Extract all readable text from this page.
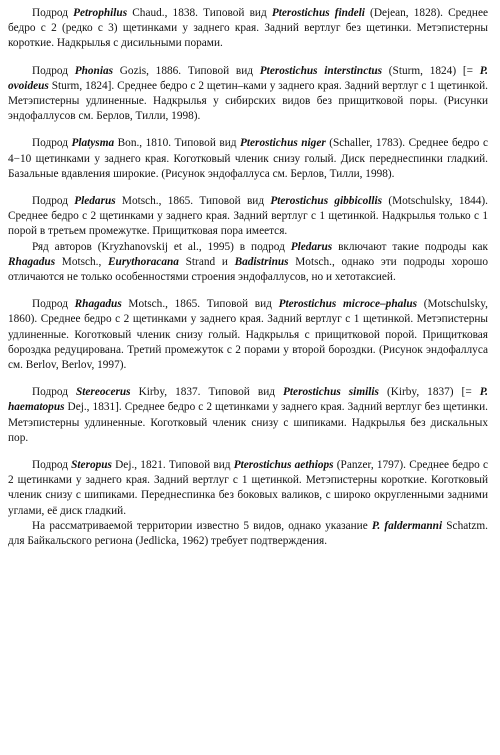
Подрод Petrophilus Chaud., 1838. Типовой вид Pterostichus findeli (Dejean, 1828). Среднее бедро с 2 (редко с 3) щетинками у заднего края. Задний вертлуг без щетинки. Метэпистерны короткие. Надкрылья с дисильными порами.

Подрод Phonias Gozis, 1886. Типовой вид Pterostichus interstinctus (Sturm, 1824) [= P. ovoideus Sturm, 1824]. Среднее бедро с 2 щетин–ками у заднего края. Задний вертлуг с 1 щетинкой. Метэпистерны удлиненные. Надкрылья у сибирских видов без прищитковой поры. (Рисунки эндофаллусов см. Берлов, Тилли, 1998).

Подрод Platysma Bon., 1810. Типовой вид Pterostichus niger (Schaller, 1783). Среднее бедро с 4−10 щетинками у заднего края. Коготковый членик снизу голый. Диск переднеспинки гладкий. Базальные вдавления широкие. (Рисунок эндофаллуса см. Берлов, Тилли, 1998).

Подрод Pledarus Motsch., 1865. Типовой вид Pterostichus gibbicollis (Motschulsky, 1844). Среднее бедро с 2 щетинками у заднего края. Задний вертлуг с 1 щетинкой. Надкрылья только с 1 порой в третьем промежутке. Прищитковая пора имеется.

Ряд авторов (Kryzhanovskij et al., 1995) в подрод Pledarus включают такие подроды как Rhagadus Motsch., Eurythoracana Strand и Badistrinus Motsch., однако эти подроды хорошо отличаются не только особенностями строения эндофаллусов, но и хетотаксией.

Подрод Rhagadus Motsch., 1865. Типовой вид Pterostichus microce–phalus (Motschulsky, 1860). Среднее бедро с 2 щетинками у заднего края. Задний вертлуг с 1 щетинкой. Метэпистерны удлиненные. Коготковый членик снизу голый. Надкрылья с прищитковой порой. Прищитковая бороздка редуцирована. Третий промежуток с 2 порами у второй бороздки. (Рисунок эндофаллуса см. Berlov, Berlov, 1997).

Подрод Stereocerus Kirby, 1837. Типовой вид Pterostichus similis (Kirby, 1837) [= P. haematopus Dej., 1831]. Среднее бедро с 2 щетинками у заднего края. Задний вертлуг без щетинки. Метэпистерны удлиненные. Коготковый членик снизу с шипиками. Надкрылья без дискальных пор.

Подрод Steropus Dej., 1821. Типовой вид Pterostichus aethiops (Panzer, 1797). Среднее бедро с 2 щетинками у заднего края. Задний вертлуг с 1 щетинкой. Метэпистерны короткие. Коготковый членик снизу с шипиками. Переднеспинка без боковых валиков, с широко округленными задними углами, её диск гладкий.

На рассматриваемой территории известно 5 видов, однако указание P. faldermanni Schatzm. для Байкальского региона (Jedlicka, 1962) требует подтверждения.
